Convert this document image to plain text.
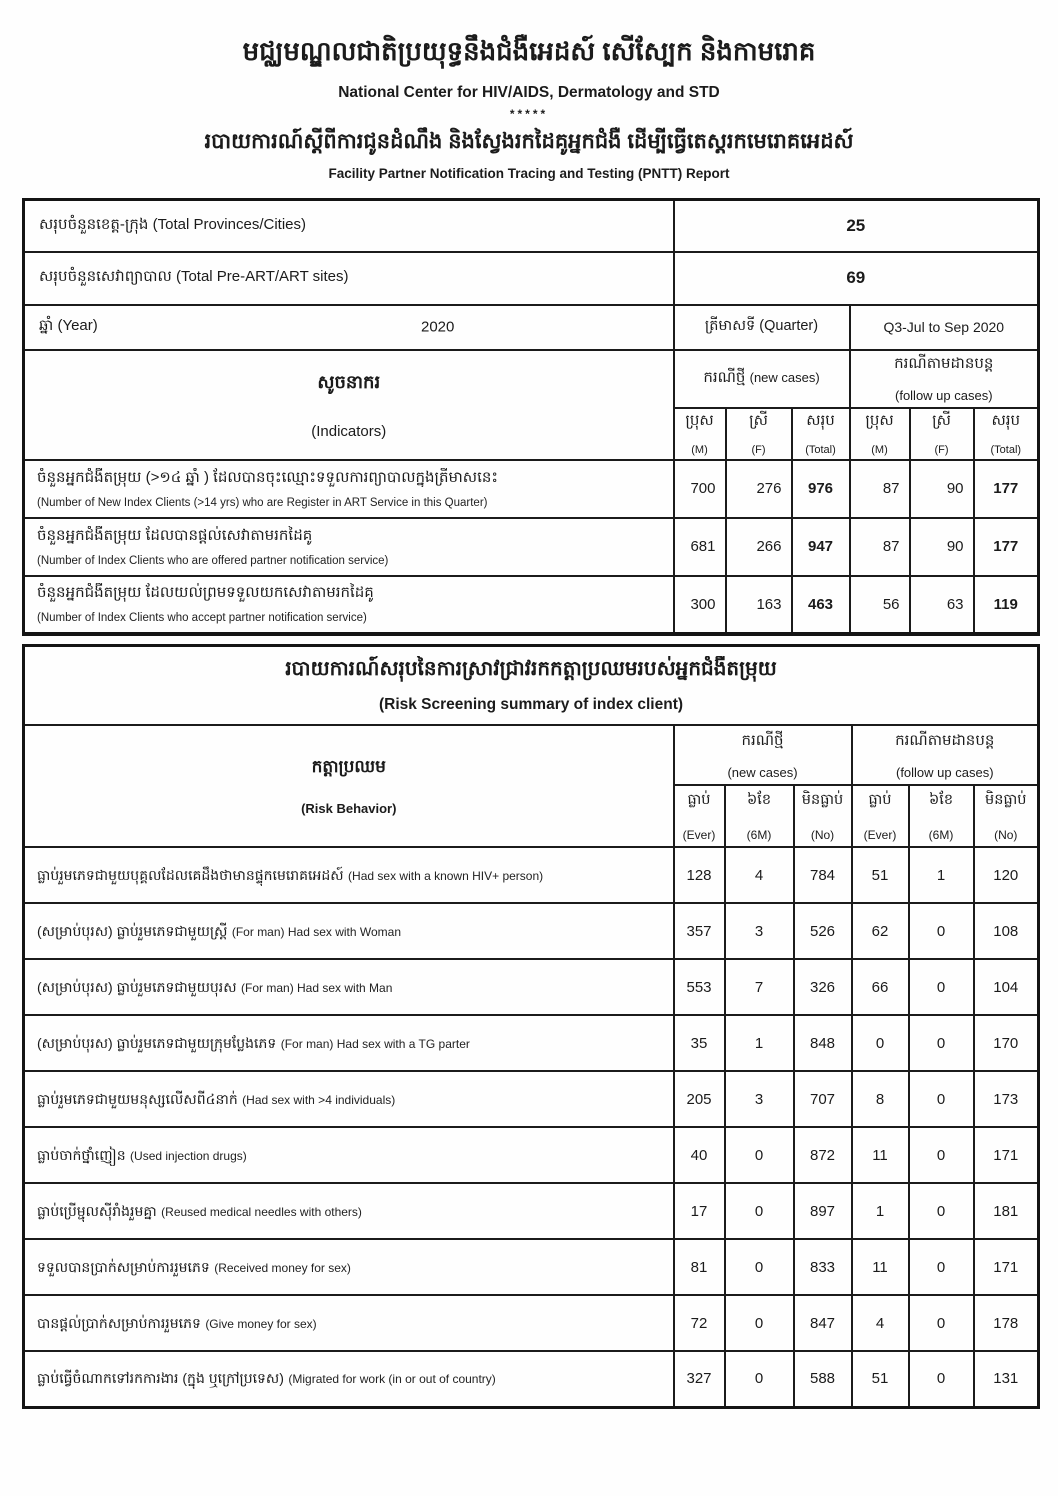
មជ្ឈមណ្ឌលជាតិប្រយុទ្ធនឹងជំងឺអេដស៍ សើស្បែក និងកាមរោគ
National Center for HIV/AIDS, Dermatology and STD
*****
របាយការណ៍ស្តីពីការជូនដំណឹង និងស្វែងរកដៃគូអ្នកជំងឺ ដើម្បីធ្វើតេស្តរកមេរោគអេដស៍
Facility Partner Notification Tracing and Testing (PNTT) Report
សរុបចំនួនខេត្ត-ក្រុង (Total Provinces/Cities)	25					
សរុបចំនួនសេវាព្យាបាល (Total Pre-ART/ART sites)	69					
ឆ្នាំ (Year) 2020	ត្រីមាសទី (Quarter)			Q3-Jul to Sep 2020		

សូចនាករ
(Indicators)
	ករណីថ្មី (new cases)	
ករណីតាមដានបន្ត
(follow up cases)

ប្រុស
(M)

ស្រី
(F)

សរុប
(Total)

ប្រុស
(M)

ស្រី
(F)

សរុប
(Total)

ចំនួនអ្នកជំងឺតម្រុយ (>១៤ ឆ្នាំ ) ដែលបានចុះឈ្មោះទទួលការព្យាបាលក្នុងត្រីមាសនេះ
(Number of New Index Clients (>14 yrs) who are Register in ART Service in this Quarter)	700	276	976	87	90	177

ចំនួនអ្នកជំងឺតម្រុយ ដែលបានផ្តល់សេវាតាមរកដៃគូ
(Number of Index Clients who are offered partner notification service)	681	266	947	87	90	177

ចំនួនអ្នកជំងឺតម្រុយ ដែលយល់ព្រមទទួលយកសេវាតាមរកដៃគូ
(Number of Index Clients who accept partner notification service)	300	163	463	56	63	119
របាយការណ៍សរុបនៃការស្រាវជ្រាវរកកត្តាប្រឈមរបស់អ្នកជំងឺតម្រុយ
(Risk Screening summary of index client)						

កត្តាប្រឈម
(Risk Behavior)

ករណីថ្មី
(new cases)

ករណីតាមដានបន្ត
(follow up cases)

ធ្លាប់
(Ever)

៦ខែ
(6M)

មិនធ្លាប់
(No)

ធ្លាប់
(Ever)

៦ខែ
(6M)

មិនធ្លាប់
(No)

ធ្លាប់រួមភេទជាមួយបុគ្គលដែលគេដឹងថាមានផ្ទុកមេរោគអេដស៍ (Had sex with a known HIV+ person)	128	4	784	51	1	120

(សម្រាប់បុរស) ធ្លាប់រួមភេទជាមួយស្ត្រី (For man) Had sex with Woman	357	3	526	62	0	108

(សម្រាប់បុរស) ធ្លាប់រួមភេទជាមួយបុរស (For man) Had sex with Man	553	7	326	66	0	104

(សម្រាប់បុរស) ធ្លាប់រួមភេទជាមួយក្រុមប្លែងភេទ (For man) Had sex with a TG parter	35	1	848	0	0	170

ធ្លាប់រួមភេទជាមួយមនុស្សលើសពី៤នាក់ (Had sex with >4 individuals)	205	3	707	8	0	173

ធ្លាប់ចាក់ថ្នាំញៀន (Used injection drugs)	40	0	872	11	0	171

ធ្លាប់ប្រើម្ជុលស៊ីរាំងរួមគ្នា (Reused medical needles with others)	17	0	897	1	0	181

ទទួលបានប្រាក់សម្រាប់ការរួមភេទ (Received money for sex)	81	0	833	11	0	171

បានផ្តល់ប្រាក់សម្រាប់ការរួមភេទ (Give money for sex)	72	0	847	4	0	178

ធ្លាប់ធ្វើចំណាកទៅរកការងារ (ក្នុង ឬក្រៅប្រទេស) (Migrated for work (in or out of country)	327	0	588	51	0	131
